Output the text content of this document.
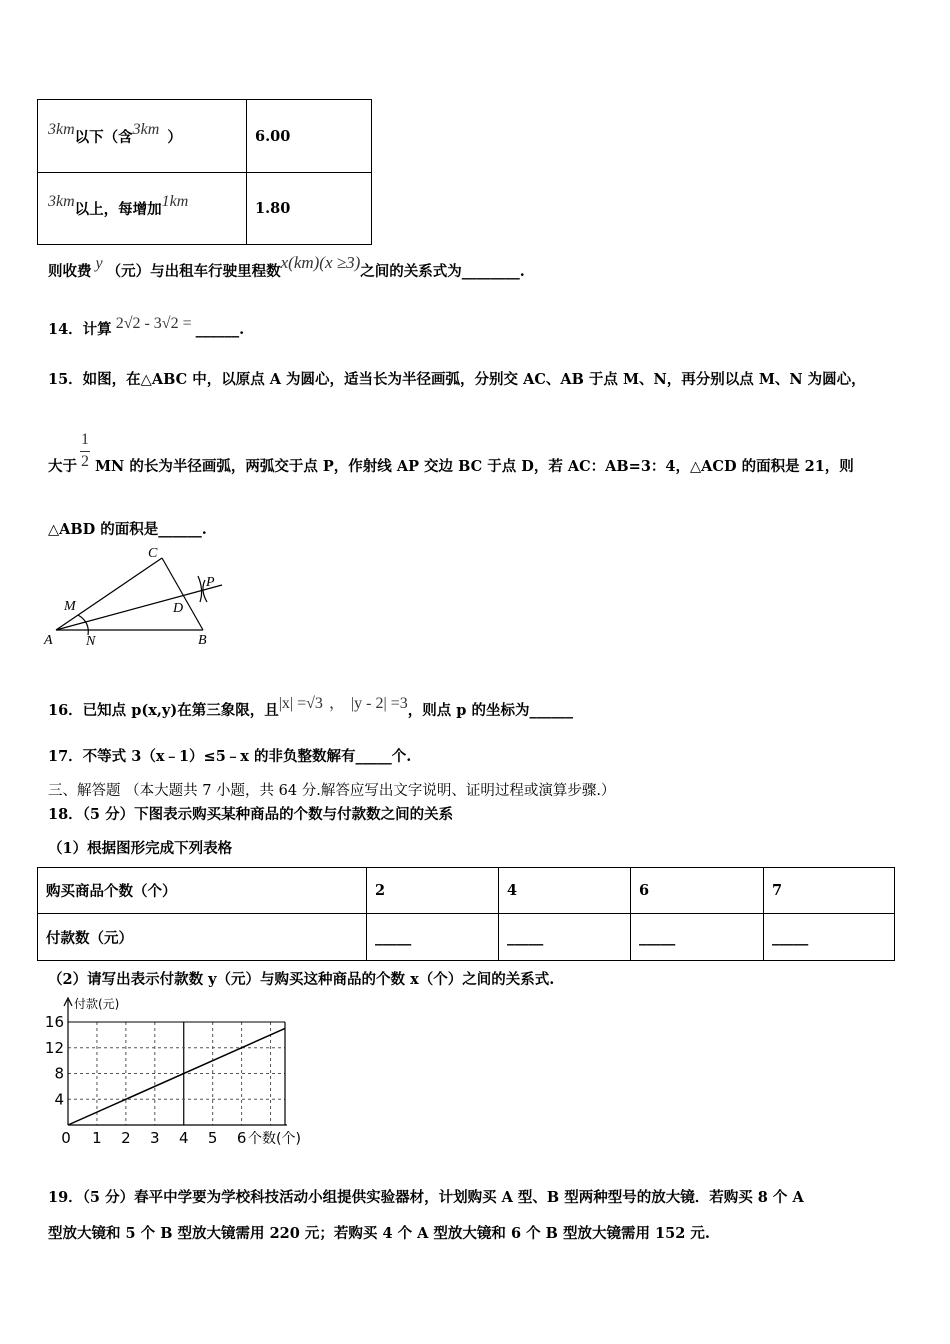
3km以下（含3km ）	6.00
3km以上，每增加1km	1.80
则收费 y （元）与出租车行驶里程数x(km)(x ≥3)之间的关系式为________.
14．计算 2√2 - 3√2 = ______.
15．如图，在△ABC 中，以原点 A 为圆心，适当长为半径画弧，分别交 AC、AB 于点 M、N，再分别以点 M、N 为圆心，
大于 $\frac{1}{2}$ MN 的长为半径画弧，两弧交于点 P，作射线 AP 交边 BC 于点 D，若 AC：AB=3：4，△ACD 的面积是 21，则
△ABD 的面积是______.
A	B
C
D
M
N
P
16．已知点 p(x,y)在第三象限，且|x| =√3 ， |y - 2| =3，则点 p 的坐标为______
17．不等式 3（x﹣1）≤5﹣x 的非负整数解有_____个.
三、解答题 （本大题共 7 小题，共 64 分.解答应写出文字说明、证明过程或演算步骤.）
18．（5 分）下图表示购买某种商品的个数与付款数之间的关系
（1）根据图形完成下列表格
购买商品个数（个）	2	4	6	7
付款数（元）	_____	_____	_____	_____
（2）请写出表示付款数 y（元）与购买这种商品的个数 x（个）之间的关系式.
付款(元)
4
8
12
16
0 1 2 3 4 5 6 个数(个)
19．（5 分）春平中学要为学校科技活动小组提供实验器材，计划购买 A 型、B 型两种型号的放大镜．若购买 8 个 A
型放大镜和 5 个 B 型放大镜需用 220 元；若购买 4 个 A 型放大镜和 6 个 B 型放大镜需用 152 元.
